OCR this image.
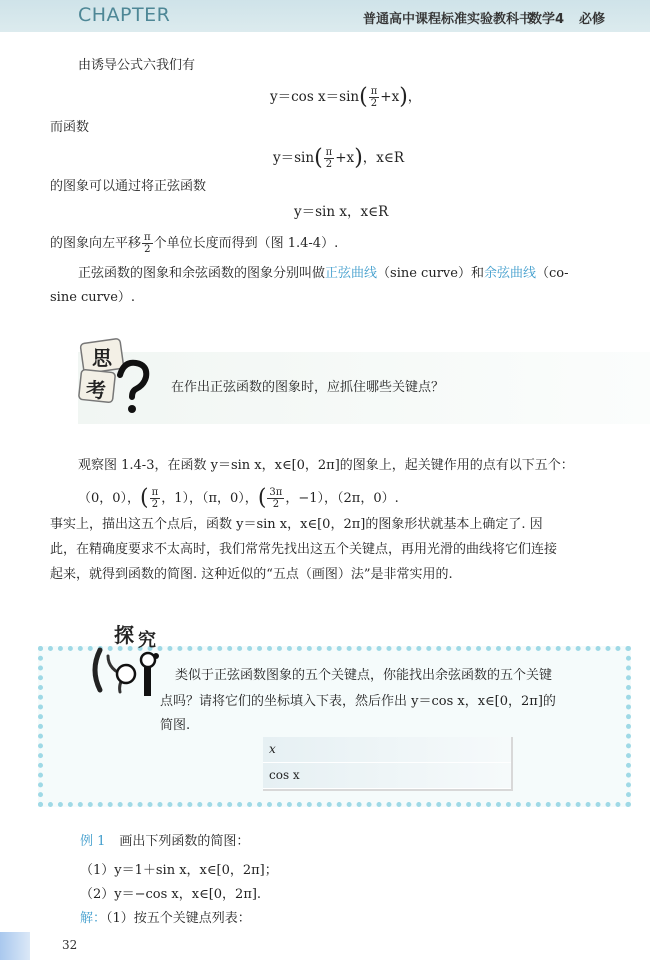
CHAPTER	普通高中课程标准实验教科书
数学4 必修
由诱导公式六我们有
y＝cos $x=\sin( \frac{\pi}{2} +x)$，
而函数
$y=\sin( \frac{\pi}{2} +x)$，x∈R
的图象可以通过将正弦函数
y＝sin x，x∈R
的图象向左平移 $\frac{\pi}{2}$ 个单位长度而得到（图 1.4-4）.
正弦函数的图象和余弦函数的图象分别叫做正弦曲线（sine curve）和余弦曲线（co-
sine curve）.
思
考	在作出正弦函数的图象时，应抓住哪些关键点？
观察图 1.4-3，在函数 y＝sin x，x∈[0，2π]的图象上，起关键作用的点有以下五个：
（0，0），( $\frac{\pi}{2}$ ，1），（π，0），( $\frac{3\pi}{2}$ ，−1），（2π，0）.
事实上，描出这五个点后，函数 y＝sin x，x∈[0，2π]的图象形状就基本上确定了. 因
此，在精确度要求不太高时，我们常常先找出这五个关键点，再用光滑的曲线将它们连接
起来，就得到函数的简图. 这种近似的“五点（画图）法”是非常实用的.
探 究
类似于正弦函数图象的五个关键点，你能找出余弦函数的五个关键
点吗？请将它们的坐标填入下表，然后作出 y＝cos x，x∈[0，2π]的
简图.
x
cos x
例 1 画出下列函数的简图：
（1）y＝1＋sin x，x∈[0，2π]；
（2）y＝−cos x，x∈[0，2π].
解：（1）按五个关键点列表：
32
